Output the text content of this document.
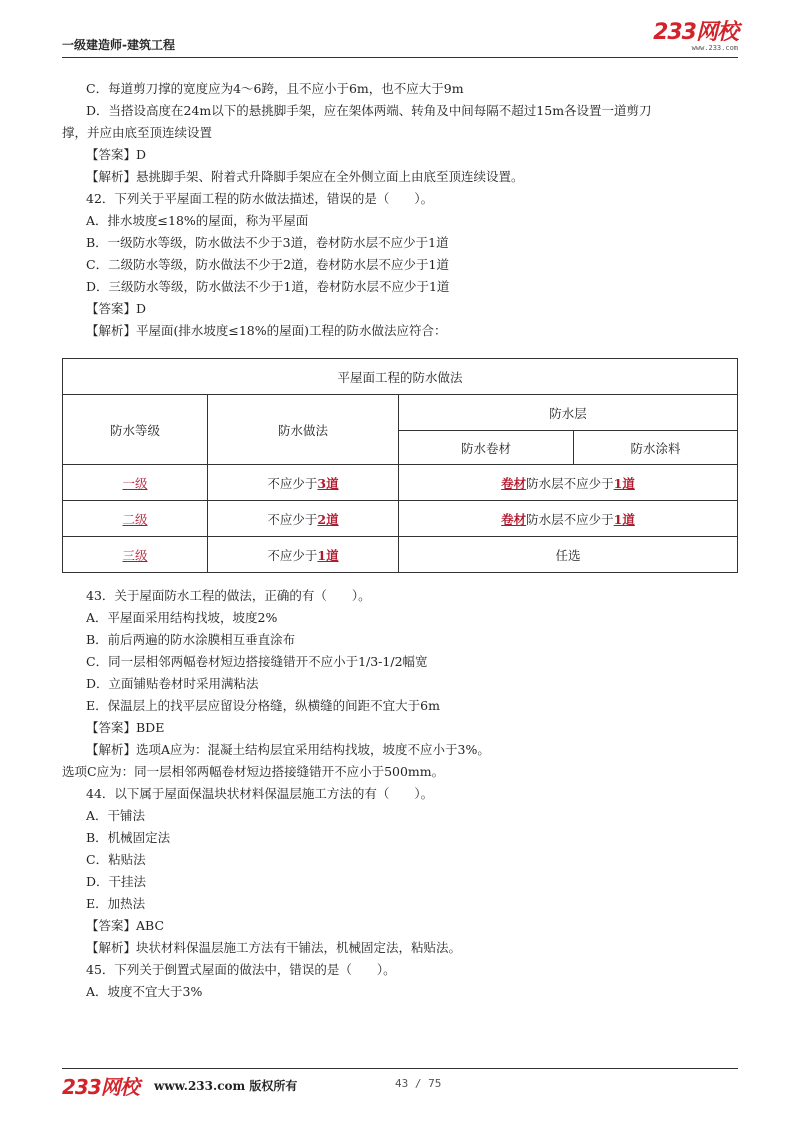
一级建造师-建筑工程	233网校
www.233.com
C．每道剪刀撑的宽度应为4～6跨，且不应小于6m，也不应大于9m
D．当搭设高度在24m以下的悬挑脚手架，应在架体两端、转角及中间每隔不超过15m各设置一道剪刀
撑，并应由底至顶连续设置
【答案】D
【解析】悬挑脚手架、附着式升降脚手架应在全外侧立面上由底至顶连续设置。
42．下列关于平屋面工程的防水做法描述，错误的是（　　）。
A．排水坡度≤18%的屋面，称为平屋面
B．一级防水等级，防水做法不少于3道，卷材防水层不应少于1道
C．二级防水等级，防水做法不少于2道，卷材防水层不应少于1道
D．三级防水等级，防水做法不少于1道，卷材防水层不应少于1道
【答案】D
【解析】平屋面(排水坡度≤18%的屋面)工程的防水做法应符合：
平屋面工程的防水做法			
防水等级	防水做法	防水层	
		防水卷材	防水涂料
一级	不应少于3道	卷材防水层不应少于1道	
二级	不应少于2道	卷材防水层不应少于1道	
三级	不应少于1道	任选	
43．关于屋面防水工程的做法，正确的有（　　）。
A．平屋面采用结构找坡，坡度2%
B．前后两遍的防水涂膜相互垂直涂布
C．同一层相邻两幅卷材短边搭接缝错开不应小于1/3-1/2幅宽
D．立面铺贴卷材时采用满粘法
E．保温层上的找平层应留设分格缝，纵横缝的间距不宜大于6m
【答案】BDE
【解析】选项A应为：混凝土结构层宜采用结构找坡，坡度不应小于3%。
选项C应为：同一层相邻两幅卷材短边搭接缝错开不应小于500mm。
44．以下属于屋面保温块状材料保温层施工方法的有（　　）。
A．干铺法
B．机械固定法
C．粘贴法
D．干挂法
E．加热法
【答案】ABC
【解析】块状材料保温层施工方法有干铺法，机械固定法，粘贴法。
45．下列关于倒置式屋面的做法中，错误的是（　　）。
A．坡度不宜大于3%
233网校 www.233.com 版权所有	43 / 75
